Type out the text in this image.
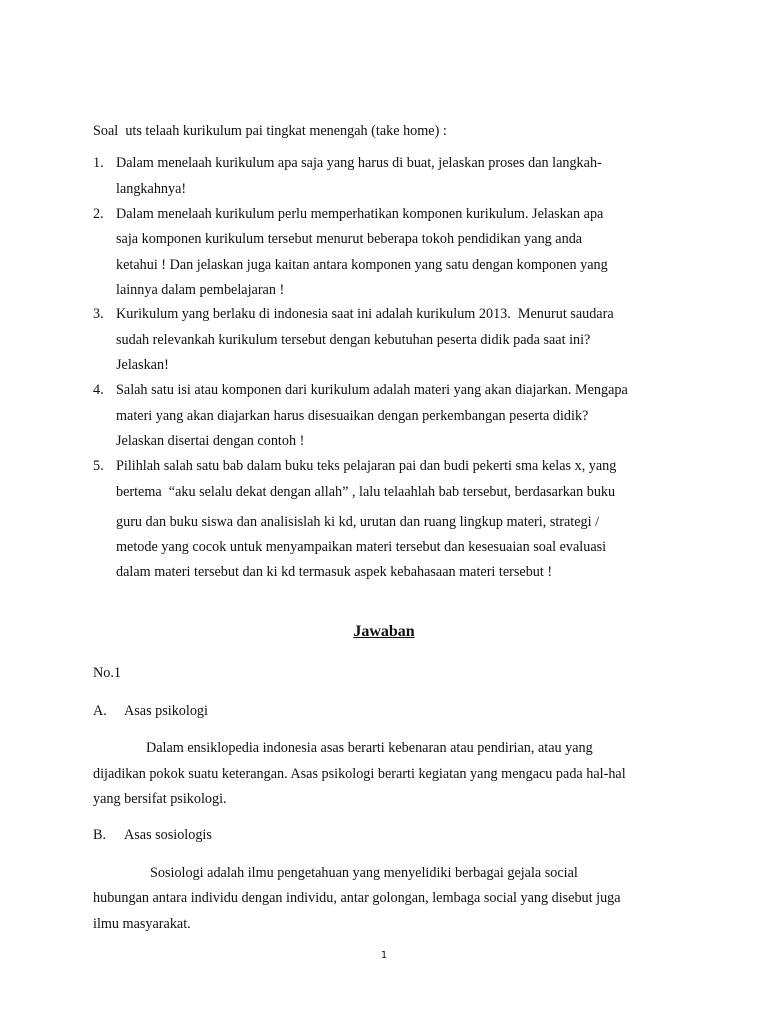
Soal  uts telaah kurikulum pai tingkat menengah (take home) :
1. Dalam menelaah kurikulum apa saja yang harus di buat, jelaskan proses dan langkah-
langkahnya!
2. Dalam menelaah kurikulum perlu memperhatikan komponen kurikulum. Jelaskan apa
saja komponen kurikulum tersebut menurut beberapa tokoh pendidikan yang anda
ketahui ! Dan jelaskan juga kaitan antara komponen yang satu dengan komponen yang
lainnya dalam pembelajaran !
3. Kurikulum yang berlaku di indonesia saat ini adalah kurikulum 2013.  Menurut saudara
sudah relevankah kurikulum tersebut dengan kebutuhan peserta didik pada saat ini?
Jelaskan!
4. Salah satu isi atau komponen dari kurikulum adalah materi yang akan diajarkan. Mengapa
materi yang akan diajarkan harus disesuaikan dengan perkembangan peserta didik?
Jelaskan disertai dengan contoh !
5. Pilihlah salah satu bab dalam buku teks pelajaran pai dan budi pekerti sma kelas x, yang
bertema  “aku selalu dekat dengan allah” , lalu telaahlah bab tersebut, berdasarkan buku
guru dan buku siswa dan analisislah ki kd, urutan dan ruang lingkup materi, strategi /
metode yang cocok untuk menyampaikan materi tersebut dan kesesuaian soal evaluasi
dalam materi tersebut dan ki kd termasuk aspek kebahasaan materi tersebut !
Jawaban
No.1
A. Asas psikologi
Dalam ensiklopedia indonesia asas berarti kebenaran atau pendirian, atau yang
dijadikan pokok suatu keterangan. Asas psikologi berarti kegiatan yang mengacu pada hal-hal
yang bersifat psikologi.
B. Asas sosiologis
Sosiologi adalah ilmu pengetahuan yang menyelidiki berbagai gejala social
hubungan antara individu dengan individu, antar golongan, lembaga social yang disebut juga
ilmu masyarakat.
1
